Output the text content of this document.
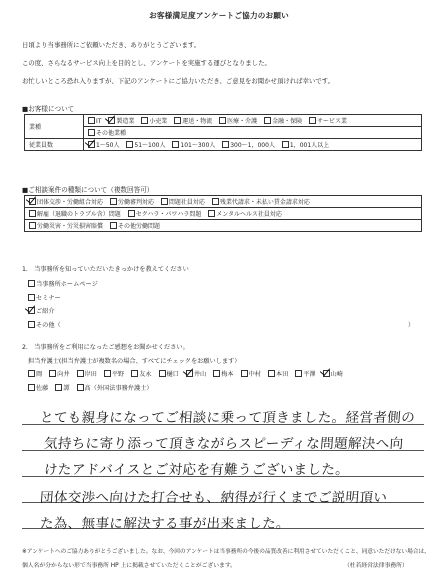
お客様満足度アンケートご協力のお願い
日頃より当事務所にご依頼いただき、ありがとうございます。
この度、さらなるサービス向上を目的とし、アンケートを実施する運びとなりました。
お忙しいところ恐れ入りますが、下記のアンケートにご協力いただき、ご意見をお聞かせ頂ければ幸いです。
■お客様について
業種	IT 製造業 小売業 運送・物流 医療・介護 金融・保険 サービス業
	その他業種
従業員数	1～50人 51～100人 101～300人 300～1，000人 1，001人以上
■ご相談案件の種類について（複数回答可）
団体交渉・労働組合対応 労働審判対応 問題社員対応 残業代請求・未払い賃金請求対応
解雇（退職のトラブル含）問題 セクハラ・パワハラ問題 メンタルヘルス社員対応
労働災害・労災損害賠償 その他労働問題
1.　当事務所を知っていただいたきっかけを教えてください
当事務所ホームページ
セミナー
ご紹介
その他（	）
2.　当事務所をご利用になったご感想をお聞かせください。
担当弁護士(担当弁護士が複数名の場合、すべてにチェックをお願いします）
岡 向井 岸田 平野 友永 樋口 井山 梅本 中村 本田 平澤 山崎
佐藤 譚 髙（外国法事務弁護士）
とても親身になってご相談に乗って頂きました。経営者側の
気持ちに寄り添って頂きながらスピーディな問題解決へ向
けたアドバイスとご対応を有難うございました。
団体交渉へ向けた打合せも、納得が行くまでご説明頂い
た為、無事に解決する事が出来ました。
※アンケートへのご協力ありがとうございました。なお、今回のアンケートは当事務所の今後の品質改善に利用させていただくこと、同意いただけない場合は、
個人名が分からない形で当事務所 HP 上に掲載させていただくことがございます。	（杜若経営法律事務所）
